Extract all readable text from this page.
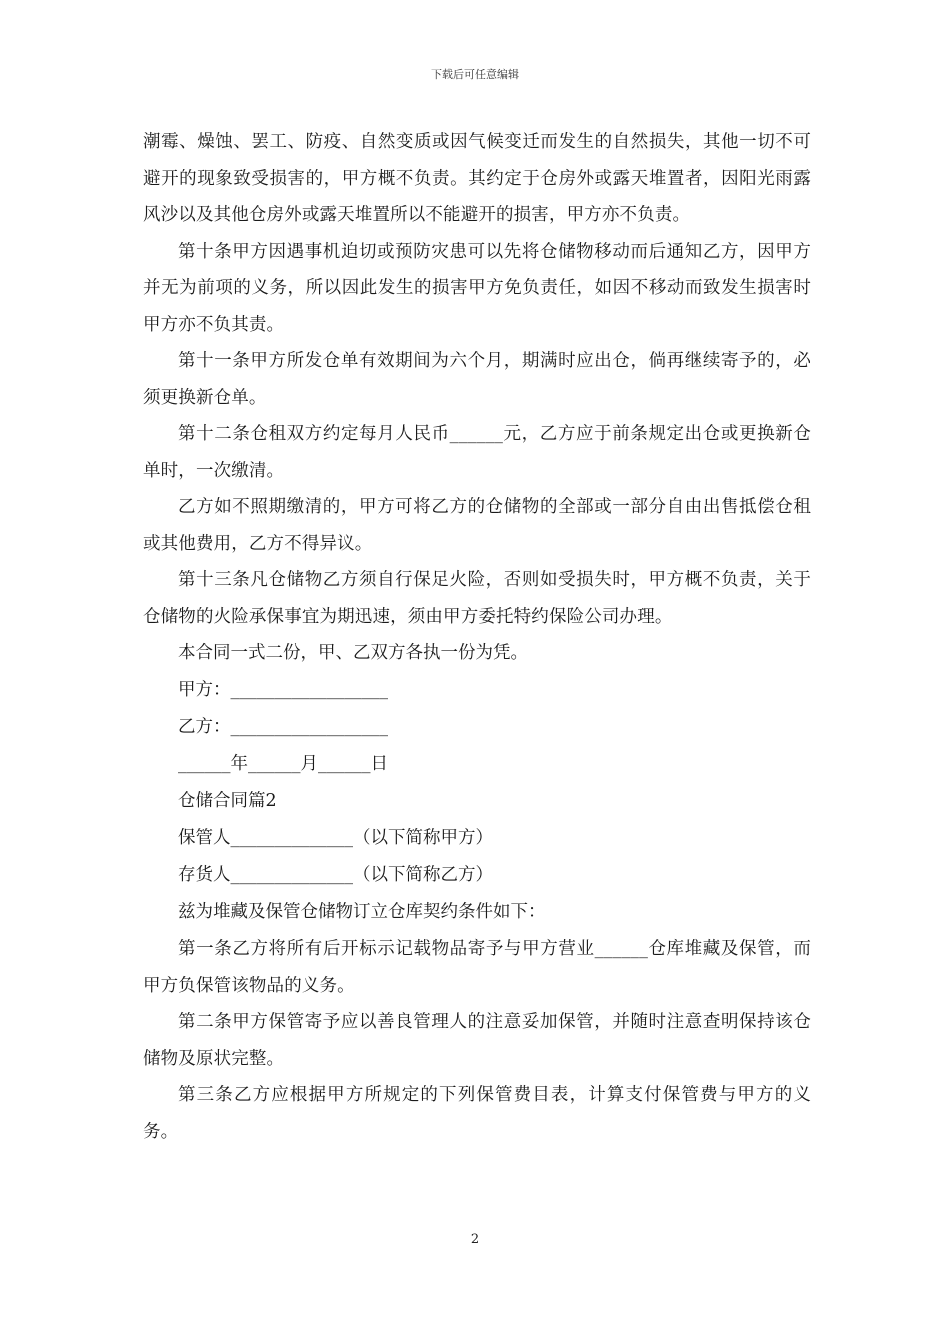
下载后可任意编辑

潮霉、燥蚀、罢工、防疫、自然变质或因气候变迁而发生的自然损失，其他一切不可避开的现象致受损害的，甲方概不负责。其约定于仓房外或露天堆置者，因阳光雨露风沙以及其他仓房外或露天堆置所以不能避开的损害，甲方亦不负责。

第十条甲方因遇事机迫切或预防灾患可以先将仓储物移动而后通知乙方，因甲方并无为前项的义务，所以因此发生的损害甲方免负责任，如因不移动而致发生损害时甲方亦不负其责。

第十一条甲方所发仓单有效期间为六个月，期满时应出仓，倘再继续寄予的，必须更换新仓单。

第十二条仓租双方约定每月人民币______元，乙方应于前条规定出仓或更换新仓单时，一次缴清。

乙方如不照期缴清的，甲方可将乙方的仓储物的全部或一部分自由出售抵偿仓租或其他费用，乙方不得异议。

第十三条凡仓储物乙方须自行保足火险，否则如受损失时，甲方概不负责，关于仓储物的火险承保事宜为期迅速，须由甲方委托特约保险公司办理。

本合同一式二份，甲、乙双方各执一份为凭。

甲方：__________________

乙方：__________________

______年______月______日

仓储合同篇2

保管人______________（以下简称甲方）

存货人______________（以下简称乙方）

兹为堆藏及保管仓储物订立仓库契约条件如下：

第一条乙方将所有后开标示记载物品寄予与甲方营业______仓库堆藏及保管，而甲方负保管该物品的义务。

第二条甲方保管寄予应以善良管理人的注意妥加保管，并随时注意查明保持该仓储物及原状完整。

第三条乙方应根据甲方所规定的下列保管费目表，计算支付保管费与甲方的义务。

2
